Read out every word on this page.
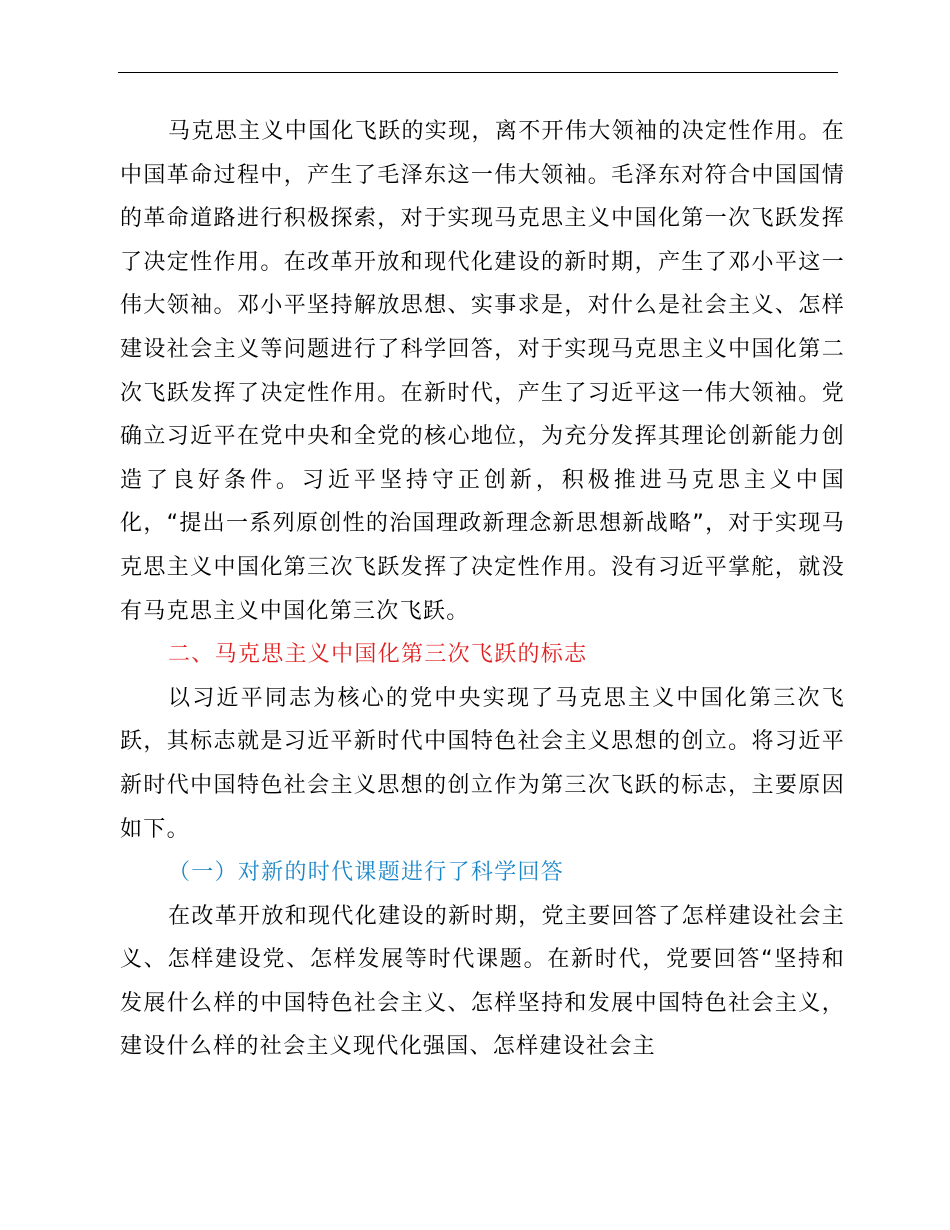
马克思主义中国化飞跃的实现，离不开伟大领袖的决定性作用。在中国革命过程中，产生了毛泽东这一伟大领袖。毛泽东对符合中国国情的革命道路进行积极探索，对于实现马克思主义中国化第一次飞跃发挥了决定性作用。在改革开放和现代化建设的新时期，产生了邓小平这一伟大领袖。邓小平坚持解放思想、实事求是，对什么是社会主义、怎样建设社会主义等问题进行了科学回答，对于实现马克思主义中国化第二次飞跃发挥了决定性作用。在新时代，产生了习近平这一伟大领袖。党确立习近平在党中央和全党的核心地位，为充分发挥其理论创新能力创造了良好条件。习近平坚持守正创新，积极推进马克思主义中国化，“提出一系列原创性的治国理政新理念新思想新战略”，对于实现马克思主义中国化第三次飞跃发挥了决定性作用。没有习近平掌舵，就没有马克思主义中国化第三次飞跃。

二、马克思主义中国化第三次飞跃的标志

以习近平同志为核心的党中央实现了马克思主义中国化第三次飞跃，其标志就是习近平新时代中国特色社会主义思想的创立。将习近平新时代中国特色社会主义思想的创立作为第三次飞跃的标志，主要原因如下。

（一）对新的时代课题进行了科学回答

在改革开放和现代化建设的新时期，党主要回答了怎样建设社会主义、怎样建设党、怎样发展等时代课题。在新时代，党要回答“坚持和发展什么样的中国特色社会主义、怎样坚持和发展中国特色社会主义，建设什么样的社会主义现代化强国、怎样建设社会主
